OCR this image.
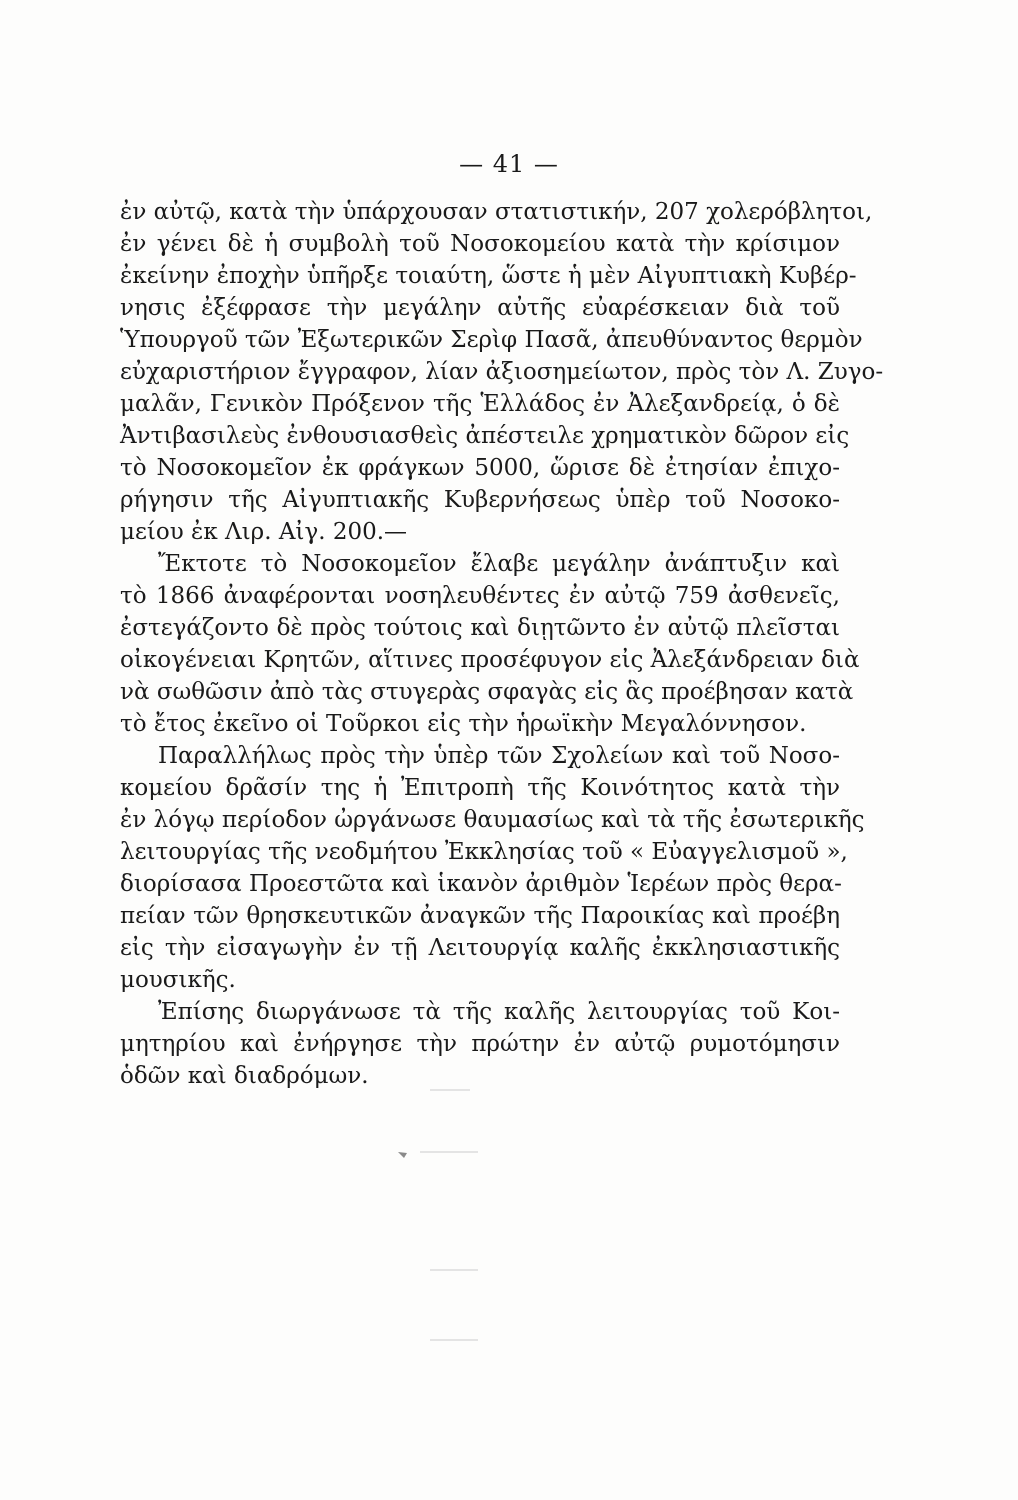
— 41 —
ἐν αὐτῷ, κατὰ τὴν ὑπάρχουσαν στατιστικήν, 207 χολερόβλητοι,
ἐν γένει δὲ ἡ συμβολὴ τοῦ Νοσοκομείου κατὰ τὴν κρίσιμον
ἐκείνην ἐποχὴν ὑπῆρξε τοιαύτη, ὥστε ἡ μὲν Αἰγυπτιακὴ Κυβέρ-
νησις ἐξέφρασε τὴν μεγάλην αὐτῆς εὐαρέσκειαν διὰ τοῦ
Ὑπουργοῦ τῶν Ἐξωτερικῶν Σερὶφ Πασᾶ, ἀπευθύναντος θερμὸν
εὐχαριστήριον ἔγγραφον, λίαν ἀξιοσημείωτον, πρὸς τὸν Λ. Ζυγο-
μαλᾶν, Γενικὸν Πρόξενον τῆς Ἑλλάδος ἐν Ἀλεξανδρείᾳ, ὁ δὲ
Ἀντιβασιλεὺς ἐνθουσιασθεὶς ἀπέστειλε χρηματικὸν δῶρον εἰς
τὸ Νοσοκομεῖον ἐκ φράγκων 5000, ὥρισε δὲ ἐτησίαν ἐπιχο-
ρήγησιν τῆς Αἰγυπτιακῆς Κυβερνήσεως ὑπὲρ τοῦ Νοσοκο-
μείου ἐκ Λιρ. Αἰγ. 200.—
Ἔκτοτε τὸ Νοσοκομεῖον ἔλαβε μεγάλην ἀνάπτυξιν καὶ
τὸ 1866 ἀναφέρονται νοσηλευθέντες ἐν αὐτῷ 759 ἀσθενεῖς,
ἐστεγάζοντο δὲ πρὸς τούτοις καὶ διῃτῶντο ἐν αὐτῷ πλεῖσται
οἰκογένειαι Κρητῶν, αἵτινες προσέφυγον εἰς Ἀλεξάνδρειαν διὰ
νὰ σωθῶσιν ἀπὸ τὰς στυγερὰς σφαγὰς εἰς ἃς προέβησαν κατὰ
τὸ ἔτος ἐκεῖνο οἱ Τοῦρκοι εἰς τὴν ἡρωϊκὴν Μεγαλόννησον.
Παραλλήλως πρὸς τὴν ὑπὲρ τῶν Σχολείων καὶ τοῦ Νοσο-
κομείου δρᾶσίν της ἡ Ἐπιτροπὴ τῆς Κοινότητος κατὰ τὴν
ἐν λόγῳ περίοδον ὠργάνωσε θαυμασίως καὶ τὰ τῆς ἐσωτερικῆς
λειτουργίας τῆς νεοδμήτου Ἐκκλησίας τοῦ « Εὐαγγελισμοῦ »,
διορίσασα Προεστῶτα καὶ ἱκανὸν ἀριθμὸν Ἱερέων πρὸς θερα-
πείαν τῶν θρησκευτικῶν ἀναγκῶν τῆς Παροικίας καὶ προέβη
εἰς τὴν εἰσαγωγὴν ἐν τῇ Λειτουργίᾳ καλῆς ἐκκλησιαστικῆς
μουσικῆς.
Ἐπίσης διωργάνωσε τὰ τῆς καλῆς λειτουργίας τοῦ Κοι-
μητηρίου καὶ ἐνήργησε τὴν πρώτην ἐν αὐτῷ ρυμοτόμησιν
ὁδῶν καὶ διαδρόμων.
